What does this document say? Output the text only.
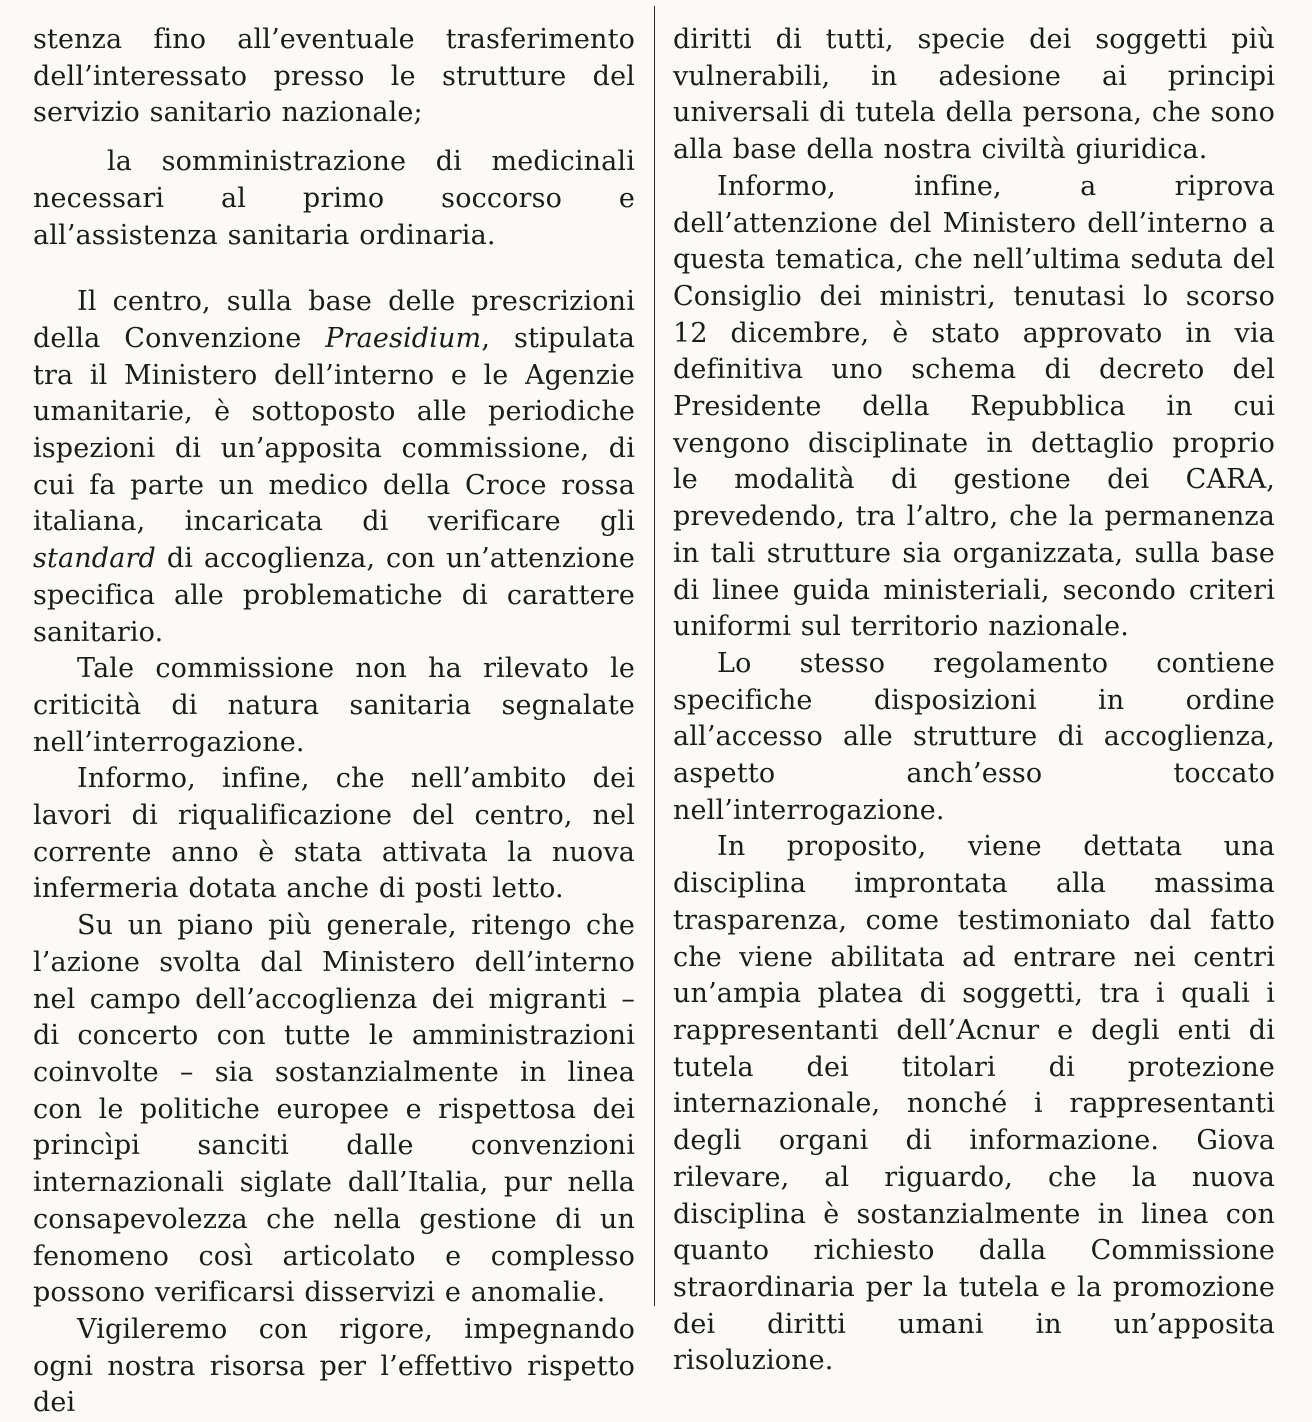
stenza fino all’eventuale trasferimento dell’interessato presso le strutture del servizio sanitario nazionale;

la somministrazione di medicinali necessari al primo soccorso e all’assistenza sanitaria ordinaria.

Il centro, sulla base delle prescrizioni della Convenzione Praesidium, stipulata tra il Ministero dell’interno e le Agenzie umanitarie, è sottoposto alle periodiche ispezioni di un’apposita commissione, di cui fa parte un medico della Croce rossa italiana, incaricata di verificare gli standard di accoglienza, con un’attenzione specifica alle problematiche di carattere sanitario.

Tale commissione non ha rilevato le criticità di natura sanitaria segnalate nell’interrogazione.

Informo, infine, che nell’ambito dei lavori di riqualificazione del centro, nel corrente anno è stata attivata la nuova infermeria dotata anche di posti letto.

Su un piano più generale, ritengo che l’azione svolta dal Ministero dell’interno nel campo dell’accoglienza dei migranti – di concerto con tutte le amministrazioni coinvolte – sia sostanzialmente in linea con le politiche europee e rispettosa dei princìpi sanciti dalle convenzioni internazionali siglate dall’Italia, pur nella consapevolezza che nella gestione di un fenomeno così articolato e complesso possono verificarsi disservizi e anomalie.

Vigileremo con rigore, impegnando ogni nostra risorsa per l’effettivo rispetto dei

diritti di tutti, specie dei soggetti più vulnerabili, in adesione ai principi universali di tutela della persona, che sono alla base della nostra civiltà giuridica.

Informo, infine, a riprova dell’attenzione del Ministero dell’interno a questa tematica, che nell’ultima seduta del Consiglio dei ministri, tenutasi lo scorso 12 dicembre, è stato approvato in via definitiva uno schema di decreto del Presidente della Repubblica in cui vengono disciplinate in dettaglio proprio le modalità di gestione dei CARA, prevedendo, tra l’altro, che la permanenza in tali strutture sia organizzata, sulla base di linee guida ministeriali, secondo criteri uniformi sul territorio nazionale.

Lo stesso regolamento contiene specifiche disposizioni in ordine all’accesso alle strutture di accoglienza, aspetto anch’esso toccato nell’interrogazione.

In proposito, viene dettata una disciplina improntata alla massima trasparenza, come testimoniato dal fatto che viene abilitata ad entrare nei centri un’ampia platea di soggetti, tra i quali i rappresentanti dell’Acnur e degli enti di tutela dei titolari di protezione internazionale, nonché i rappresentanti degli organi di informazione. Giova rilevare, al riguardo, che la nuova disciplina è sostanzialmente in linea con quanto richiesto dalla Commissione straordinaria per la tutela e la promozione dei diritti umani in un’apposita risoluzione.
